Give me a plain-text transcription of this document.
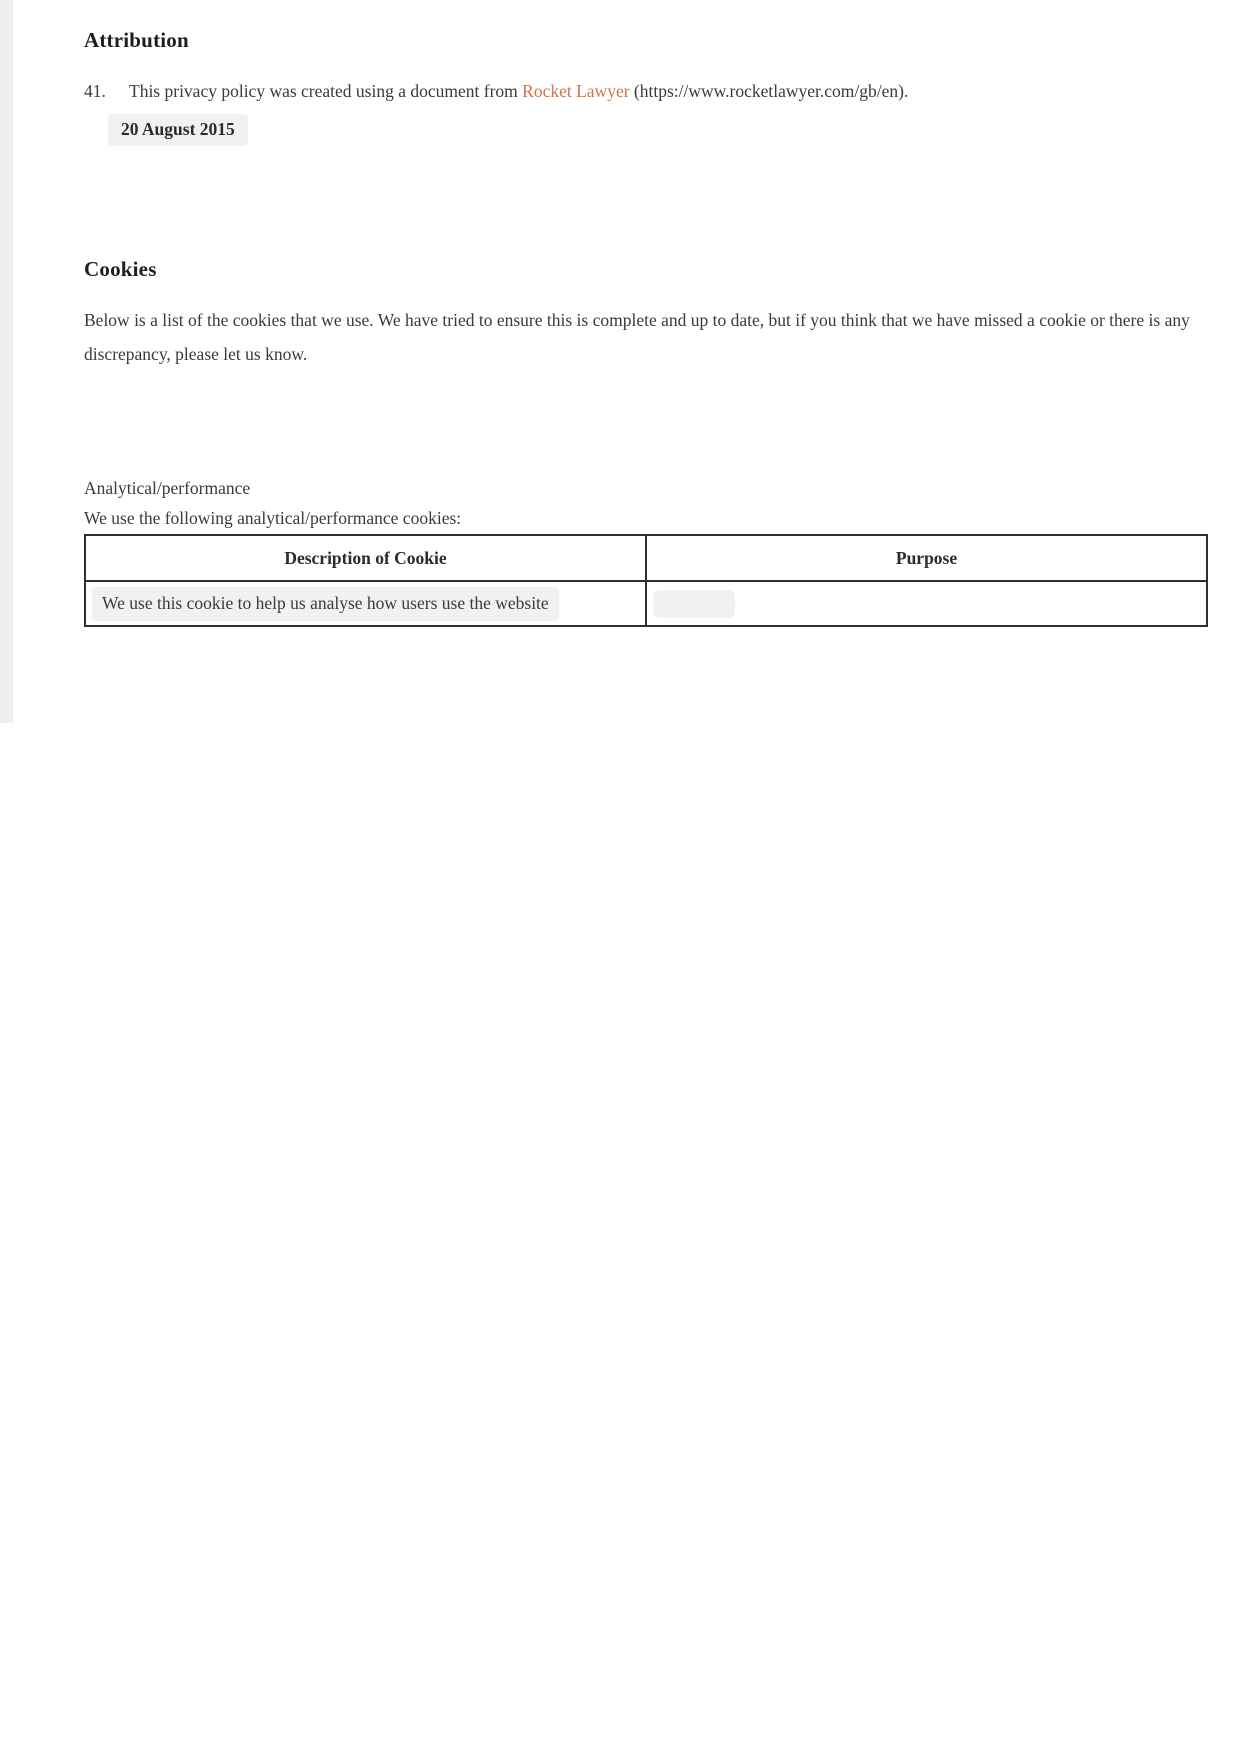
Attribution
41.	This privacy policy was created using a document from Rocket Lawyer (https://www.rocketlawyer.com/gb/en).
20 August 2015
Cookies

Below is a list of the cookies that we use. We have tried to ensure this is complete and up to date, but if you think that we have missed a cookie or there is any discrepancy, please let us know.

Analytical/performance

We use the following analytical/performance cookies:

Description of Cookie	Purpose
We use this cookie to help us analyse how users use the website	
